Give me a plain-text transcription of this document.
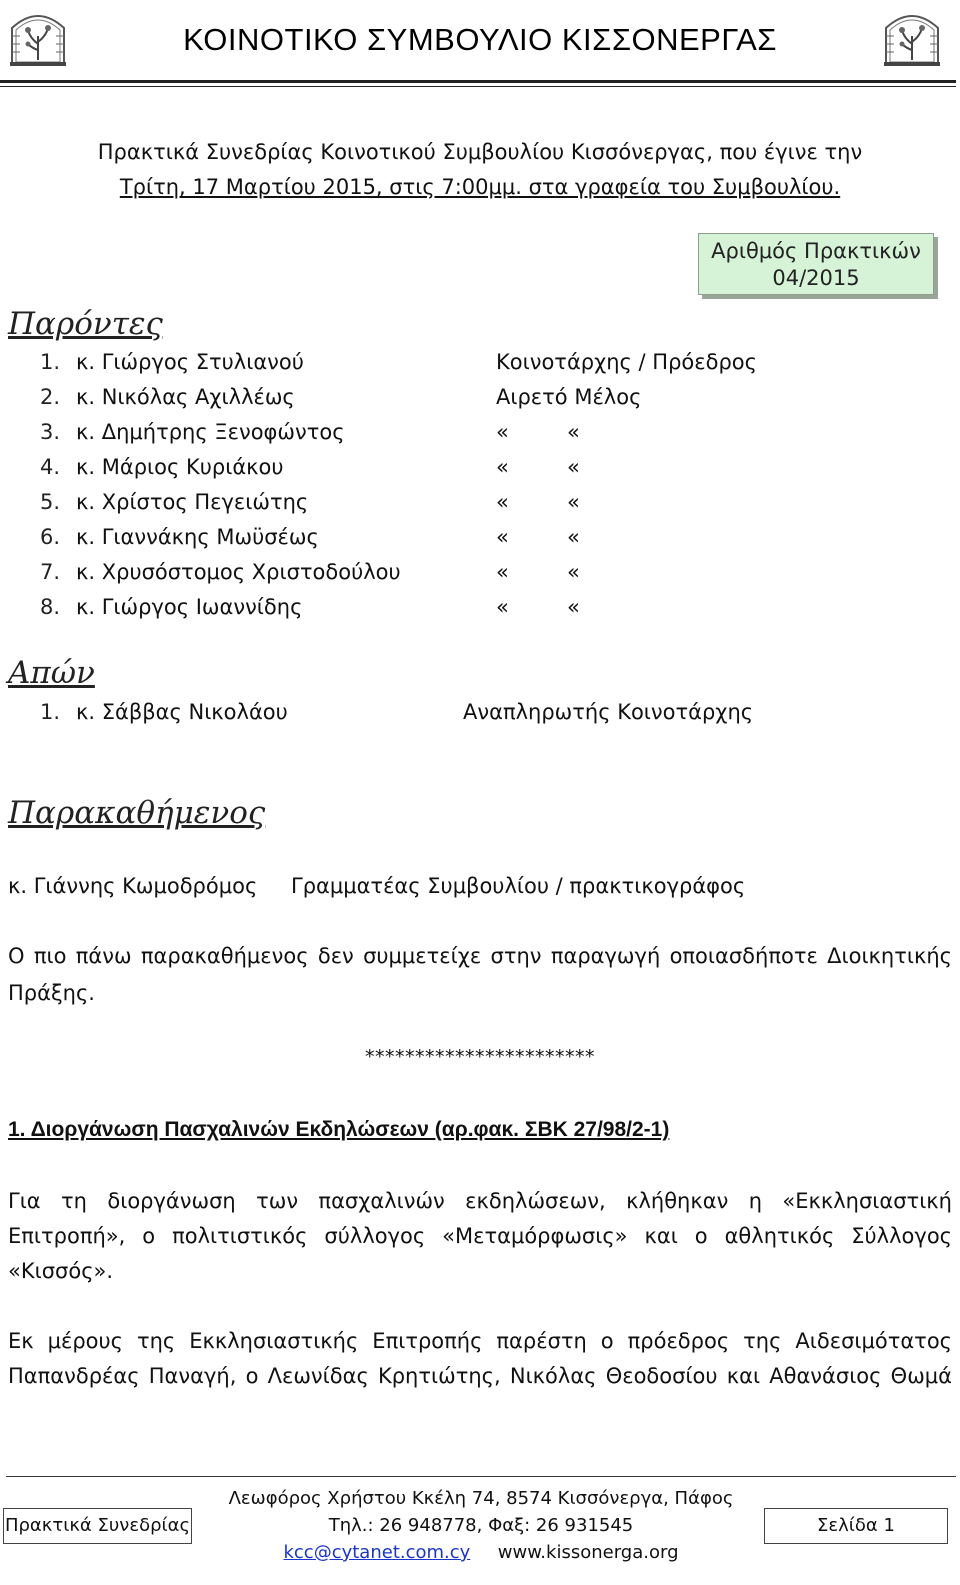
ΚΟΙΝΟΤΙΚΟ ΣΥΜΒΟΥΛΙΟ ΚΙΣΣΟΝΕΡΓΑΣ
Πρακτικά Συνεδρίας Κοινοτικού Συμβουλίου Κισσόνεργας, που έγινε την
Τρίτη, 17 Μαρτίου 2015, στις 7:00μμ. στα γραφεία του Συμβουλίου.
Αριθμός Πρακτικών
04/2015
Παρόντες
1. κ. Γιώργος Στυλιανού	Κοινοτάρχης / Πρόεδρος
2. κ. Νικόλας Αχιλλέως	Αιρετό Μέλος
3. κ. Δημήτρης Ξενοφώντος	«	«
4. κ. Μάριος Κυριάκου	«	«
5. κ. Χρίστος Πεγειώτης	«	«
6. κ. Γιαννάκης Μωϋσέως	«	«
7. κ. Χρυσόστομος Χριστοδούλου	«	«
8. κ. Γιώργος Ιωαννίδης	«	«
Απών
1. κ. Σάββας Νικολάου	Αναπληρωτής Κοινοτάρχης
Παρακαθήμενος
κ. Γιάννης Κωμοδρόμος Γραμματέας Συμβουλίου / πρακτικογράφος
Ο πιο πάνω παρακαθήμενος δεν συμμετείχε στην παραγωγή οποιασδήποτε Διοικητικής
Πράξης.
***********************
1. Διοργάνωση Πασχαλινών Εκδηλώσεων (αρ.φακ. ΣΒΚ 27/98/2-1)
Για τη διοργάνωση των πασχαλινών εκδηλώσεων, κλήθηκαν η «Εκκλησιαστική
Επιτροπή», ο πολιτιστικός σύλλογος «Μεταμόρφωσις» και ο αθλητικός Σύλλογος
«Κισσός».
Εκ μέρους της Εκκλησιαστικής Επιτροπής παρέστη ο πρόεδρος της Αιδεσιμότατος
Παπανδρέας Παναγή, ο Λεωνίδας Κρητιώτης, Νικόλας Θεοδοσίου και Αθανάσιος Θωμά
Λεωφόρος Χρήστου Κκέλη 74, 8574 Κισσόνεργα, Πάφος
Πρακτικά Συνεδρίας	Τηλ.: 26 948778, Φαξ: 26 931545	Σελίδα 1
kcc@cytanet.com.cy www.kissonerga.org
